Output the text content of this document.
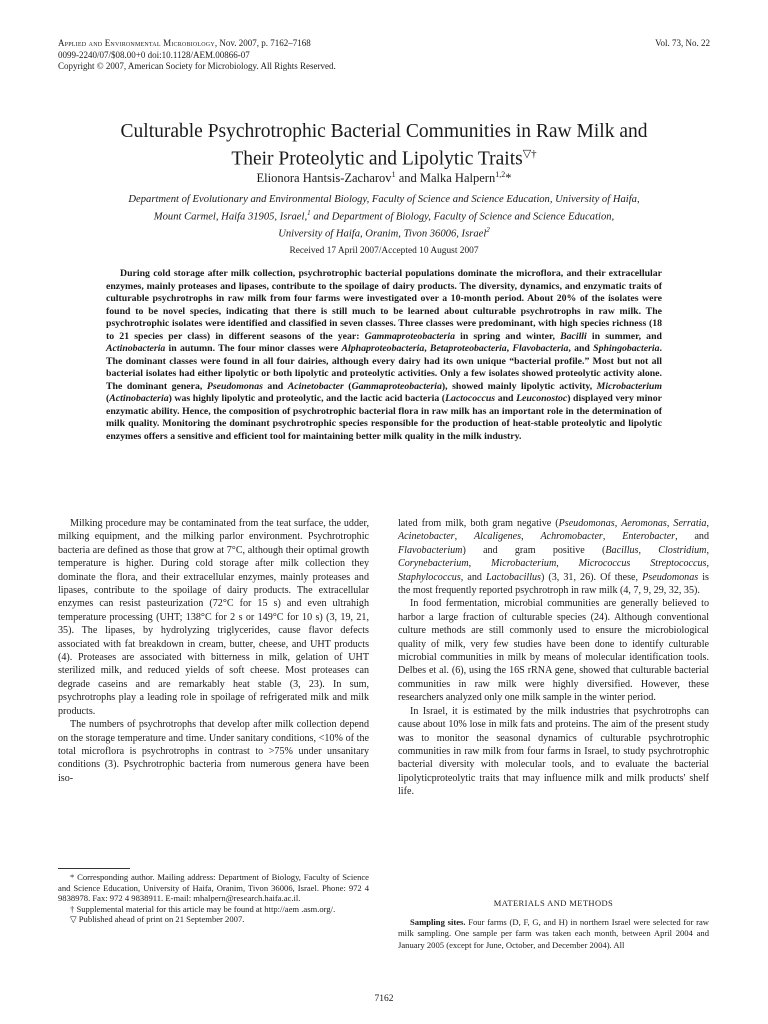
Applied and Environmental Microbiology, Nov. 2007, p. 7162–7168
0099-2240/07/$08.00+0 doi:10.1128/AEM.00866-07
Copyright © 2007, American Society for Microbiology. All Rights Reserved.
Vol. 73, No. 22
Culturable Psychrotrophic Bacterial Communities in Raw Milk and
Their Proteolytic and Lipolytic Traits▽†
Elionora Hantsis-Zacharov$^1$ and Malka Halpern$^{1,2}$*
Department of Evolutionary and Environmental Biology, Faculty of Science and Science Education, University of Haifa,
Mount Carmel, Haifa 31905, Israel,$^1$ and Department of Biology, Faculty of Science and Science Education,
University of Haifa, Oranim, Tivon 36006, Israel$^2$
Received 17 April 2007/Accepted 10 August 2007
During cold storage after milk collection, psychrotrophic bacterial populations dominate the microflora, and their extracellular enzymes, mainly proteases and lipases, contribute to the spoilage of dairy products. The diversity, dynamics, and enzymatic traits of culturable psychrotrophs in raw milk from four farms were investigated over a 10-month period. About 20% of the isolates were found to be novel species, indicating that there is still much to be learned about culturable psychrotrophs in raw milk. The psychrotrophic isolates were identified and classified in seven classes. Three classes were predominant, with high species richness (18 to 21 species per class) in different seasons of the year: Gammaproteobacteria in spring and winter, Bacilli in summer, and Actinobacteria in autumn. The four minor classes were Alphaproteobacteria, Betaproteobacteria, Flavobacteria, and Sphingobacteria. The dominant classes were found in all four dairies, although every dairy had its own unique “bacterial profile.” Most but not all bacterial isolates had either lipolytic or both lipolytic and proteolytic activities. Only a few isolates showed proteolytic activity alone. The dominant genera, Pseudomonas and Acinetobacter (Gammaproteobacteria), showed mainly lipolytic activity, Microbacterium (Actinobacteria) was highly lipolytic and proteolytic, and the lactic acid bacteria (Lactococcus and Leuconostoc) displayed very minor enzymatic ability. Hence, the composition of psychrotrophic bacterial flora in raw milk has an important role in the determination of milk quality. Monitoring the dominant psychrotrophic species responsible for the production of heat-stable proteolytic and lipolytic enzymes offers a sensitive and efficient tool for maintaining better milk quality in the milk industry.

Milking procedure may be contaminated from the teat surface, the udder, milking equipment, and the milking parlor environment. Psychrotrophic bacteria are defined as those that grow at 7°C, although their optimal growth temperature is higher. During cold storage after milk collection they dominate the flora, and their extracellular enzymes, mainly proteases and lipases, contribute to the spoilage of dairy products. The extracellular enzymes can resist pasteurization (72°C for 15 s) and even ultrahigh temperature processing (UHT; 138°C for 2 s or 149°C for 10 s) (3, 19, 21, 35). The lipases, by hydrolyzing triglycerides, cause flavor defects associated with fat breakdown in cream, butter, cheese, and UHT products (4). Proteases are associated with bitterness in milk, gelation of UHT sterilized milk, and reduced yields of soft cheese. Most proteases can degrade caseins and are remarkably heat stable (3, 23). In sum, psychrotrophs play a leading role in spoilage of refrigerated milk and milk products.

The numbers of psychrotrophs that develop after milk collection depend on the storage temperature and time. Under sanitary conditions, <10% of the total microflora is psychrotrophs in contrast to >75% under unsanitary conditions (3). Psychrotrophic bacteria from numerous genera have been iso-

* Corresponding author. Mailing address: Department of Biology, Faculty of Science and Science Education, University of Haifa, Oranim, Tivon 36006, Israel. Phone: 972 4 9838978. Fax: 972 4 9838911. E-mail: mhalpern@research.haifa.ac.il.

† Supplemental material for this article may be found at http://aem .asm.org/.

▽ Published ahead of print on 21 September 2007.

lated from milk, both gram negative (Pseudomonas, Aeromonas, Serratia, Acinetobacter, Alcaligenes, Achromobacter, Enterobacter, and Flavobacterium) and gram positive (Bacillus, Clostridium, Corynebacterium, Microbacterium, Micrococcus Streptococcus, Staphylococcus, and Lactobacillus) (3, 31, 26). Of these, Pseudomonas is the most frequently reported psychrotroph in raw milk (4, 7, 9, 29, 32, 35).

In food fermentation, microbial communities are generally believed to harbor a large fraction of culturable species (24). Although conventional culture methods are still commonly used to ensure the microbiological quality of milk, very few studies have been done to identify culturable microbial communities in milk by means of molecular identification tools. Delbes et al. (6), using the 16S rRNA gene, showed that culturable bacterial communities in raw milk were highly diversified. However, these researchers analyzed only one milk sample in the winter period.

In Israel, it is estimated by the milk industries that psychrotrophs can cause about 10% lose in milk fats and proteins. The aim of the present study was to monitor the seasonal dynamics of culturable psychrotrophic communities in raw milk from four farms in Israel, to study psychrotrophic bacterial diversity with molecular tools, and to evaluate the bacterial lipolyticproteolytic traits that may influence milk and milk products' shelf life.

MATERIALS AND METHODS
Sampling sites. Four farms (D, F, G, and H) in northern Israel were selected for raw milk sampling. One sample per farm was taken each month, between April 2004 and January 2005 (except for June, October, and December 2004). All
7162
